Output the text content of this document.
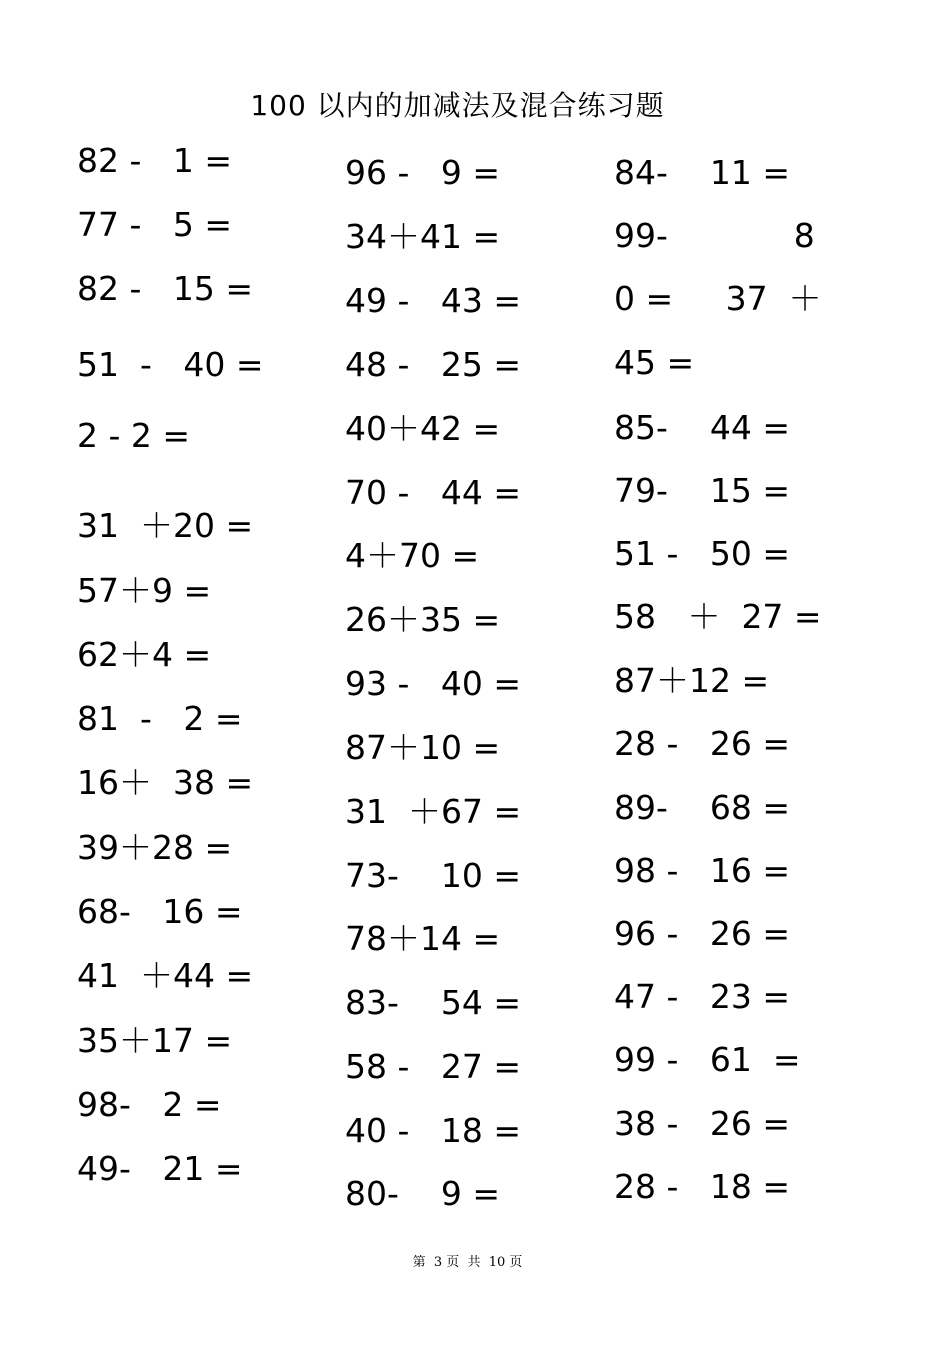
100 以内的加减法及混合练习题
82 -   1 =
77 -   5 =
82 -   15 =
51  -   40 =
2 - 2 =
31  ＋20 =
57＋9 =
62＋4 =
81  -   2 =
16＋  38 =
39＋28 =
68-   16 =
41  ＋44 =
35＋17 =
98-   2 =
49-   21 =
96 -   9 =
34＋41 =
49 -   43 =
48 -   25 =
40＋42 =
70 -   44 =
4＋70 =
26＋35 =
93 -   40 =
87＋10 =
31  ＋67 =
73-    10 =
78＋14 =
83-    54 =
58 -   27 =
40 -   18 =
80-    9 =
84-    11 =
99-            8
0 =     37  ＋
45 =
85-    44 =
79-    15 =
51 -   50 =
58   ＋  27 =
87＋12 =
28 -   26 =
89-    68 =
98 -   16 =
96 -   26 =
47 -   23 =
99 -   61  =
38 -   26 =
28 -   18 =
第  3 页  共  10 页
